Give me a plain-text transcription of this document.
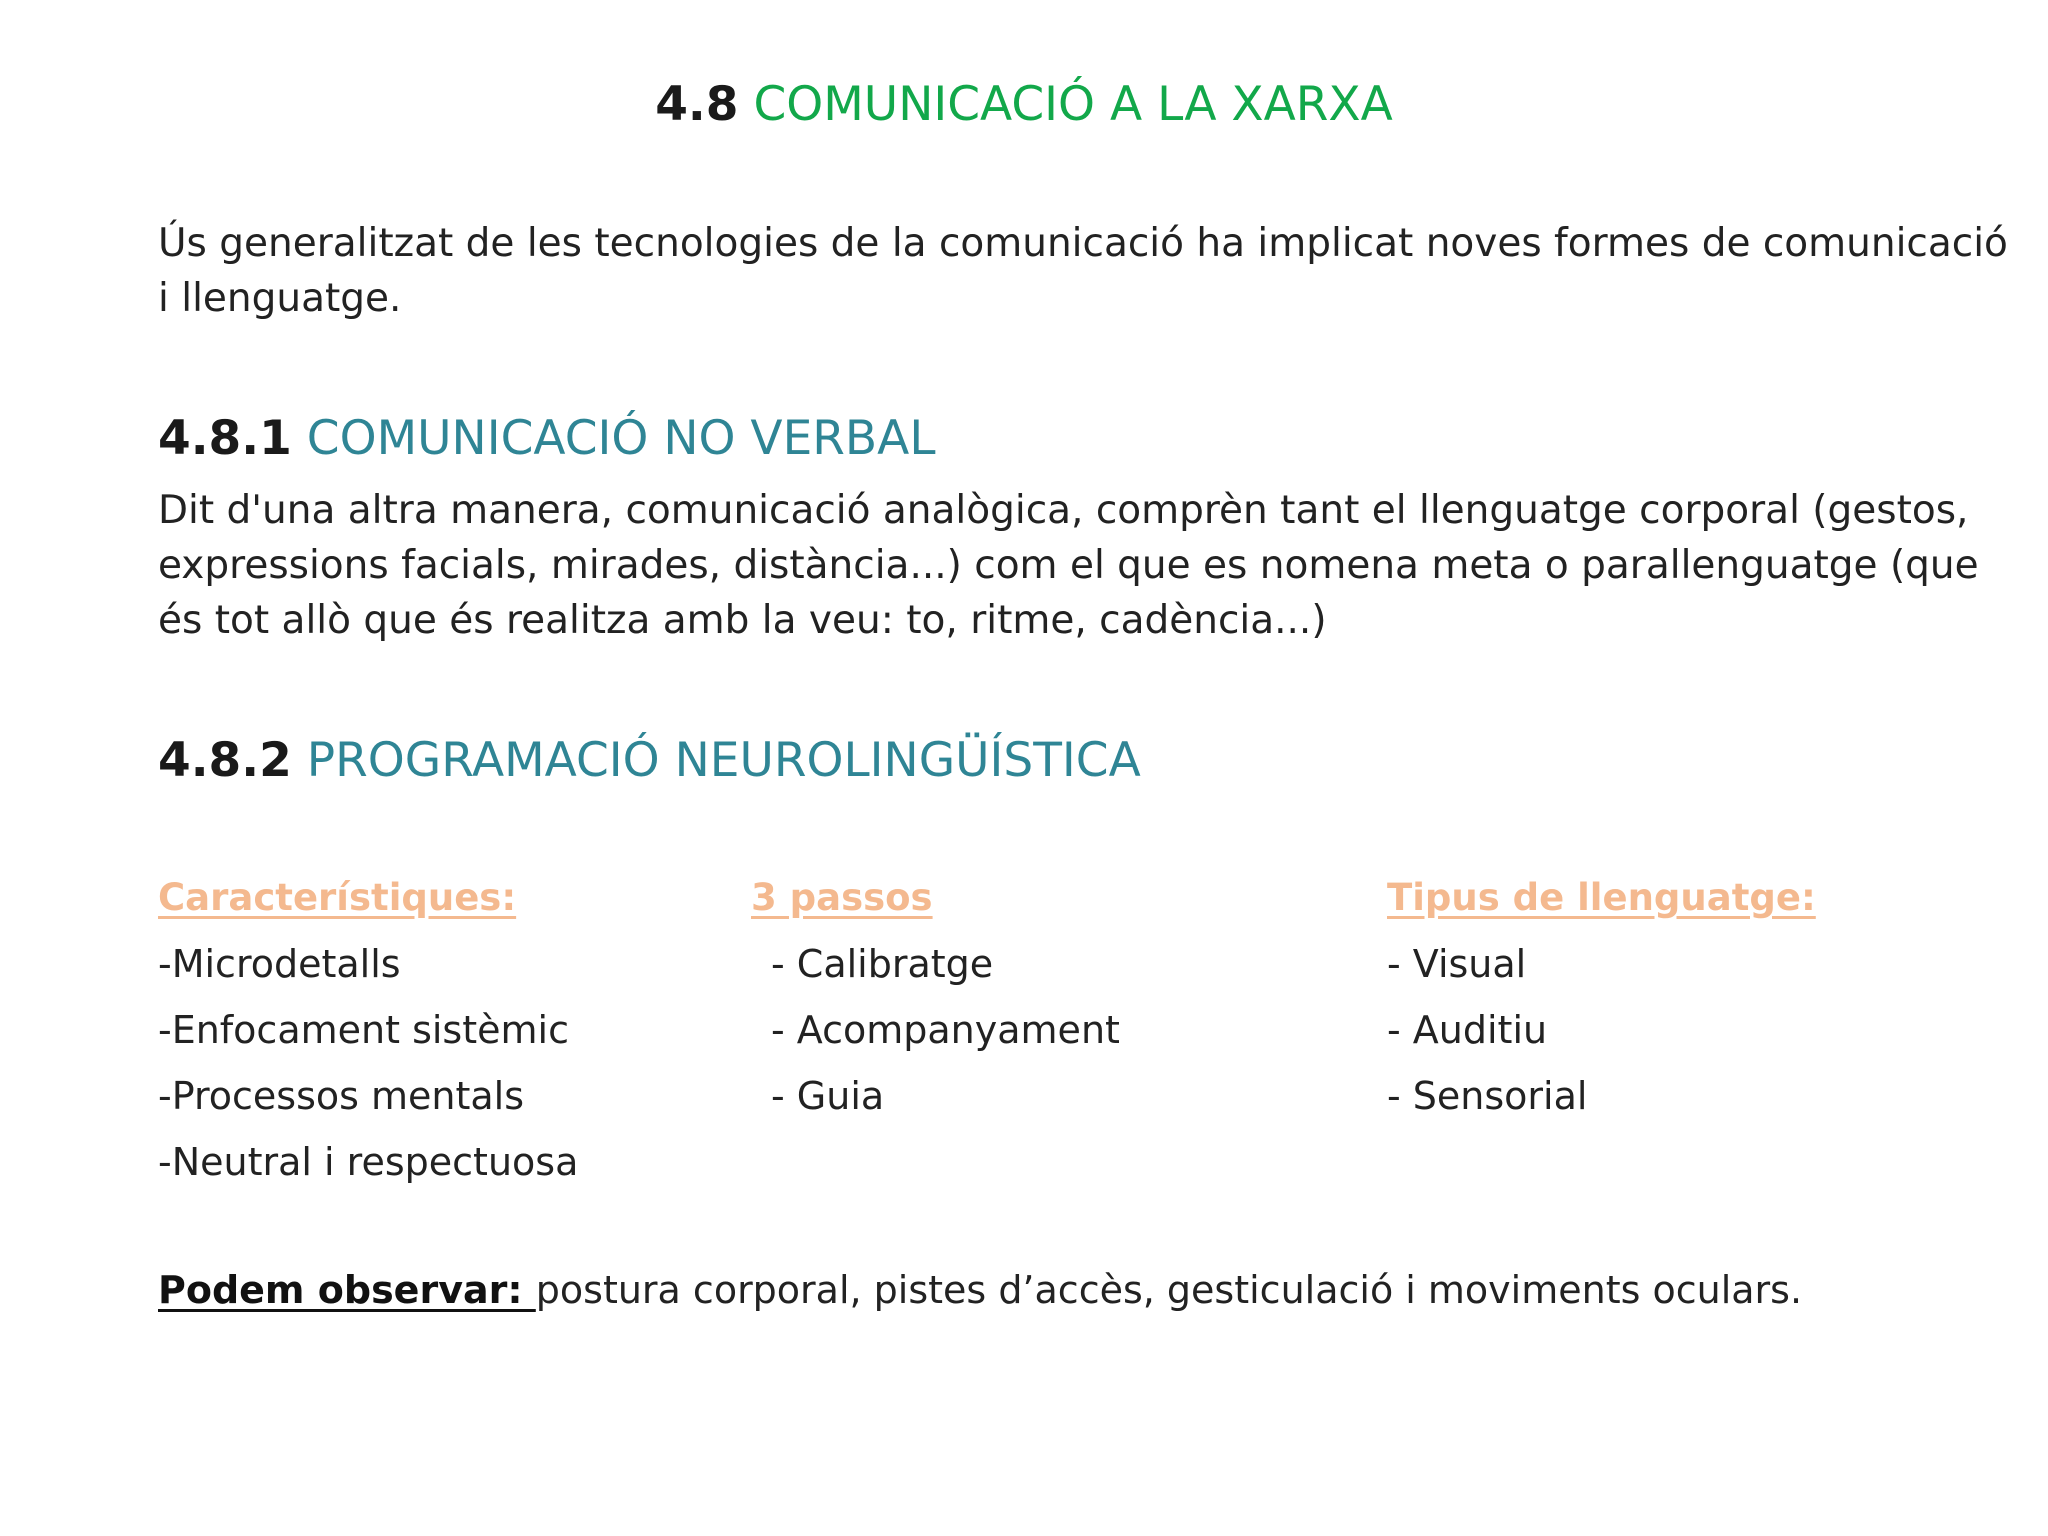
4.8 COMUNICACIÓ A LA XARXA
Ús generalitzat de les tecnologies de la comunicació ha implicat noves formes de comunicació
i llenguatge.
4.8.1 COMUNICACIÓ NO VERBAL
Dit d'una altra manera, comunicació analògica, comprèn tant el llenguatge corporal (gestos,
expressions facials, mirades, distància...) com el que es nomena meta o parallenguatge (que
és tot allò que és realitza amb la veu: to, ritme, cadència...)
4.8.2 PROGRAMACIÓ NEUROLINGÜÍSTICA
Característiques:
-Microdetalls
-Enfocament sistèmic
-Processos mentals
-Neutral i respectuosa
3 passos
- Calibratge
- Acompanyament
- Guia
Tipus de llenguatge:
- Visual
- Auditiu
- Sensorial
Podem observar: postura corporal, pistes d’accès, gesticulació i moviments oculars.
